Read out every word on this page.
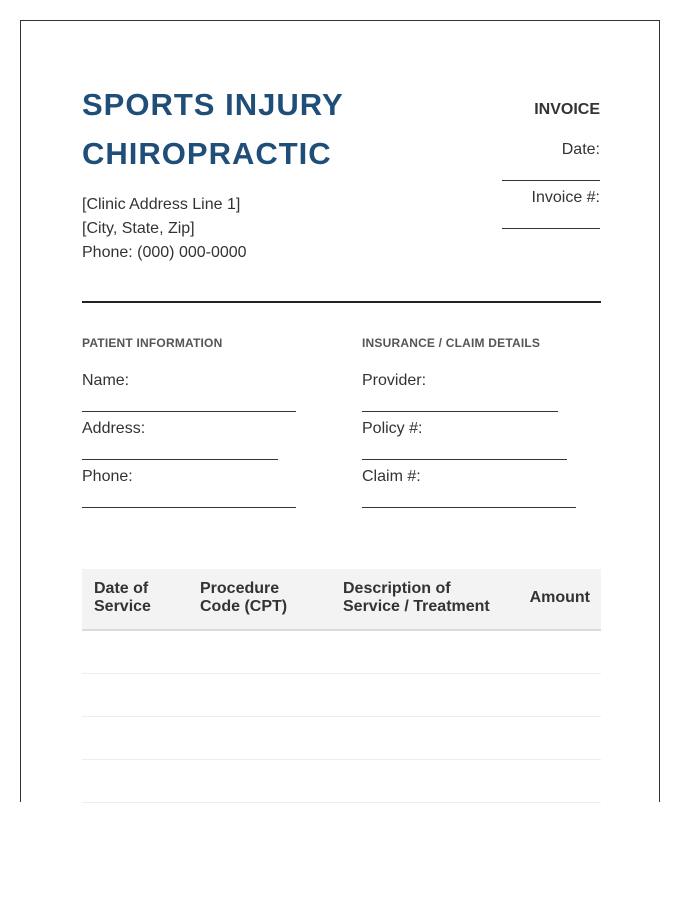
SPORTS INJURY
CHIROPRACTIC
[Clinic Address Line 1]
[City, State, Zip]
Phone: (000) 000-0000
INVOICE
Date:
Invoice #:
PATIENT INFORMATION	INSURANCE / CLAIM DETAILS
Name:
Address:
Phone:
Provider:
Policy #:
Claim #:
Date of
Service
Procedure
Code (CPT)
Description of
Service / Treatment
Amount
